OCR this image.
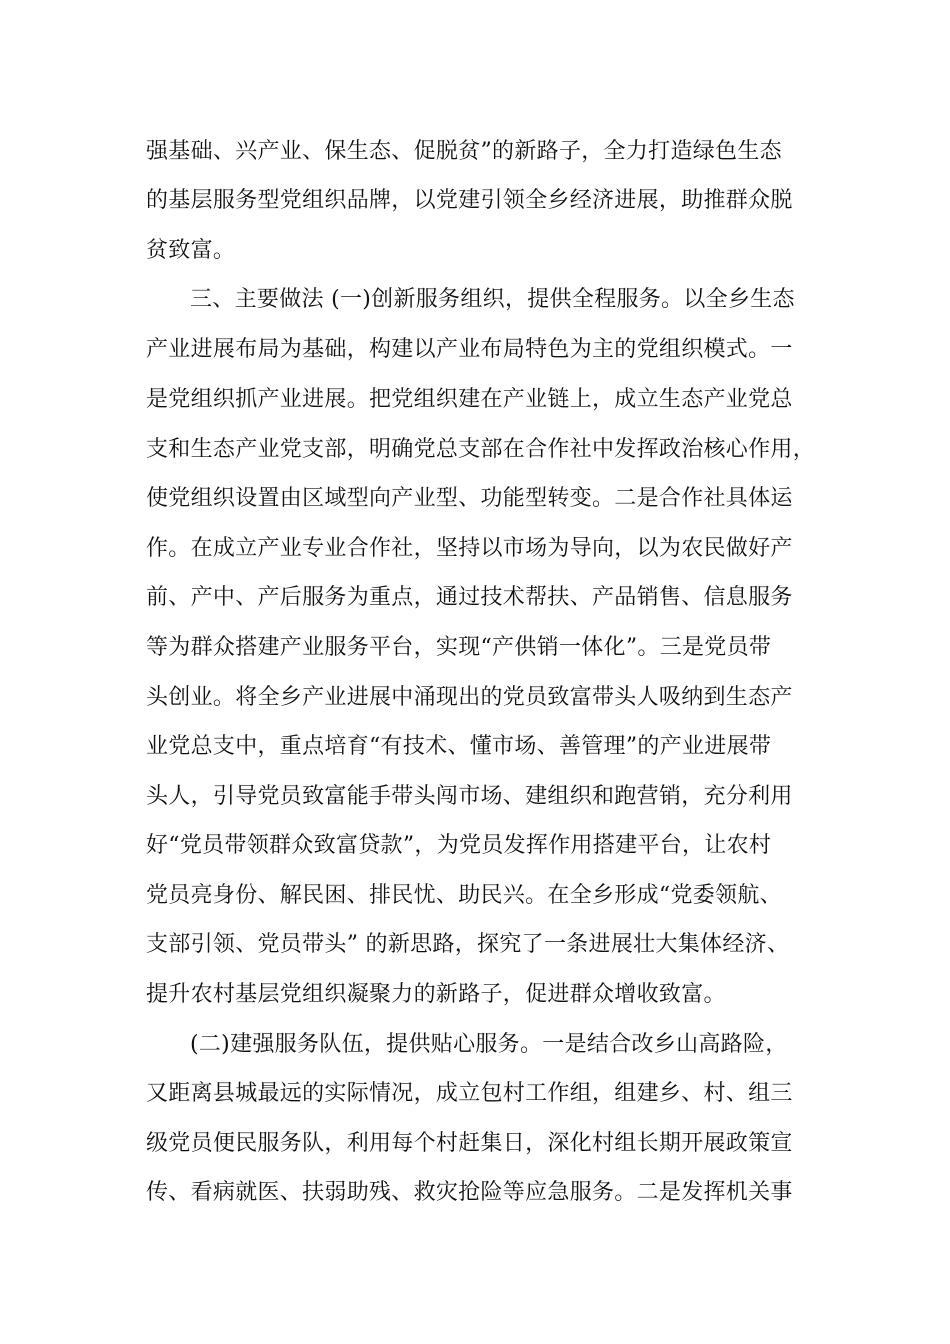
强基础、兴产业、保生态、促脱贫”的新路子，全力打造绿色生态
的基层服务型党组织品牌，以党建引领全乡经济进展，助推群众脱
贫致富。
三、主要做法 (一)创新服务组织，提供全程服务。以全乡生态
产业进展布局为基础，构建以产业布局特色为主的党组织模式。一
是党组织抓产业进展。把党组织建在产业链上，成立生态产业党总
支和生态产业党支部，明确党总支部在合作社中发挥政治核心作用，
使党组织设置由区域型向产业型、功能型转变。二是合作社具体运
作。在成立产业专业合作社，坚持以市场为导向，以为农民做好产
前、产中、产后服务为重点，通过技术帮扶、产品销售、信息服务
等为群众搭建产业服务平台，实现“产供销一体化”。三是党员带
头创业。将全乡产业进展中涌现出的党员致富带头人吸纳到生态产
业党总支中，重点培育“有技术、懂市场、善管理”的产业进展带
头人，引导党员致富能手带头闯市场、建组织和跑营销，充分利用
好“党员带领群众致富贷款”，为党员发挥作用搭建平台，让农村
党员亮身份、解民困、排民忧、助民兴。在全乡形成“党委领航、
支部引领、党员带头” 的新思路，探究了一条进展壮大集体经济、
提升农村基层党组织凝聚力的新路子，促进群众增收致富。
(二)建强服务队伍，提供贴心服务。一是结合改乡山高路险，
又距离县城最远的实际情况，成立包村工作组，组建乡、村、组三
级党员便民服务队，利用每个村赶集日，深化村组长期开展政策宣
传、看病就医、扶弱助残、救灾抢险等应急服务。二是发挥机关事
